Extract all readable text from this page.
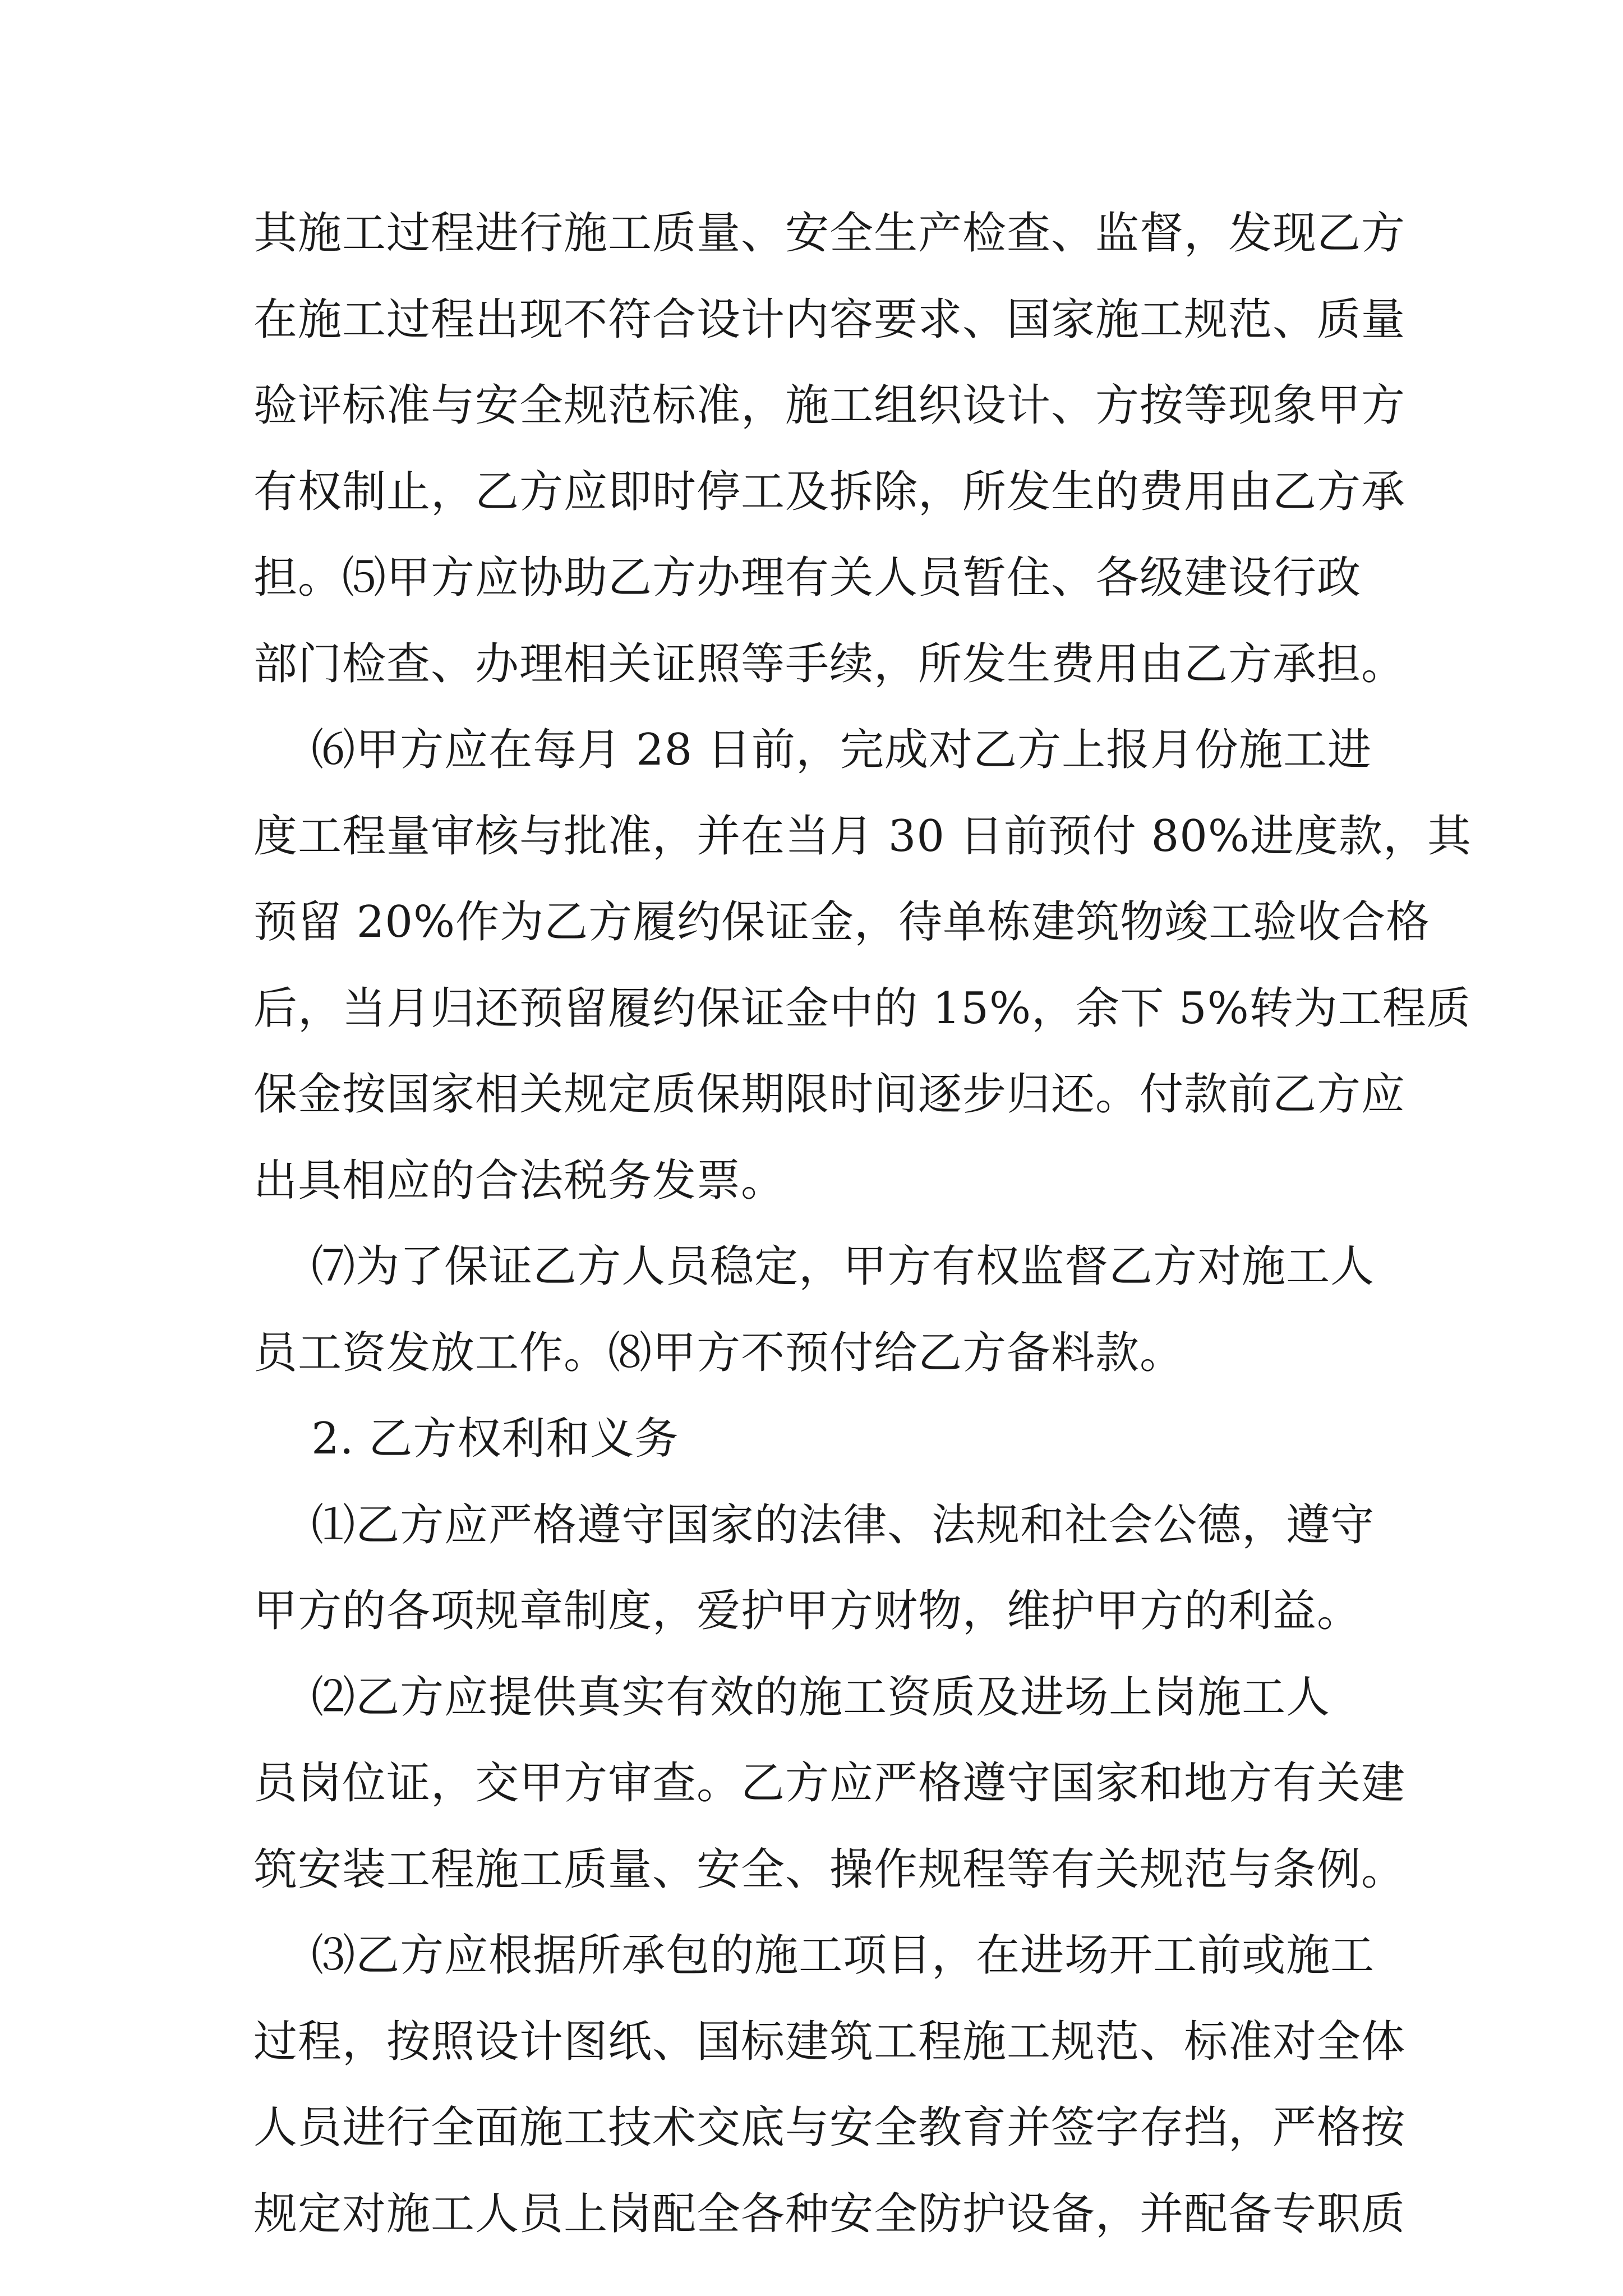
其施工过程进行施工质量、安全生产检查、监督，发现乙方
在施工过程出现不符合设计内容要求、国家施工规范、质量
验评标准与安全规范标准，施工组织设计、方按等现象甲方
有权制止，乙方应即时停工及拆除，所发生的费用由乙方承
担。⑸甲方应协助乙方办理有关人员暂住、各级建设行政
部门检查、办理相关证照等手续，所发生费用由乙方承担。
⑹甲方应在每月 28 日前，完成对乙方上报月份施工进
度工程量审核与批准，并在当月 30 日前预付 80%进度款，其
预留 20%作为乙方履约保证金，待单栋建筑物竣工验收合格
后，当月归还预留履约保证金中的 15%，余下 5%转为工程质
保金按国家相关规定质保期限时间逐步归还。付款前乙方应
出具相应的合法税务发票。
⑺为了保证乙方人员稳定，甲方有权监督乙方对施工人
员工资发放工作。⑻甲方不预付给乙方备料款。
2. 乙方权利和义务
⑴乙方应严格遵守国家的法律、法规和社会公德，遵守
甲方的各项规章制度，爱护甲方财物，维护甲方的利益。
⑵乙方应提供真实有效的施工资质及进场上岗施工人
员岗位证，交甲方审查。乙方应严格遵守国家和地方有关建
筑安装工程施工质量、安全、操作规程等有关规范与条例。
⑶乙方应根据所承包的施工项目，在进场开工前或施工
过程，按照设计图纸、国标建筑工程施工规范、标准对全体
人员进行全面施工技术交底与安全教育并签字存挡，严格按
规定对施工人员上岗配全各种安全防护设备，并配备专职质
